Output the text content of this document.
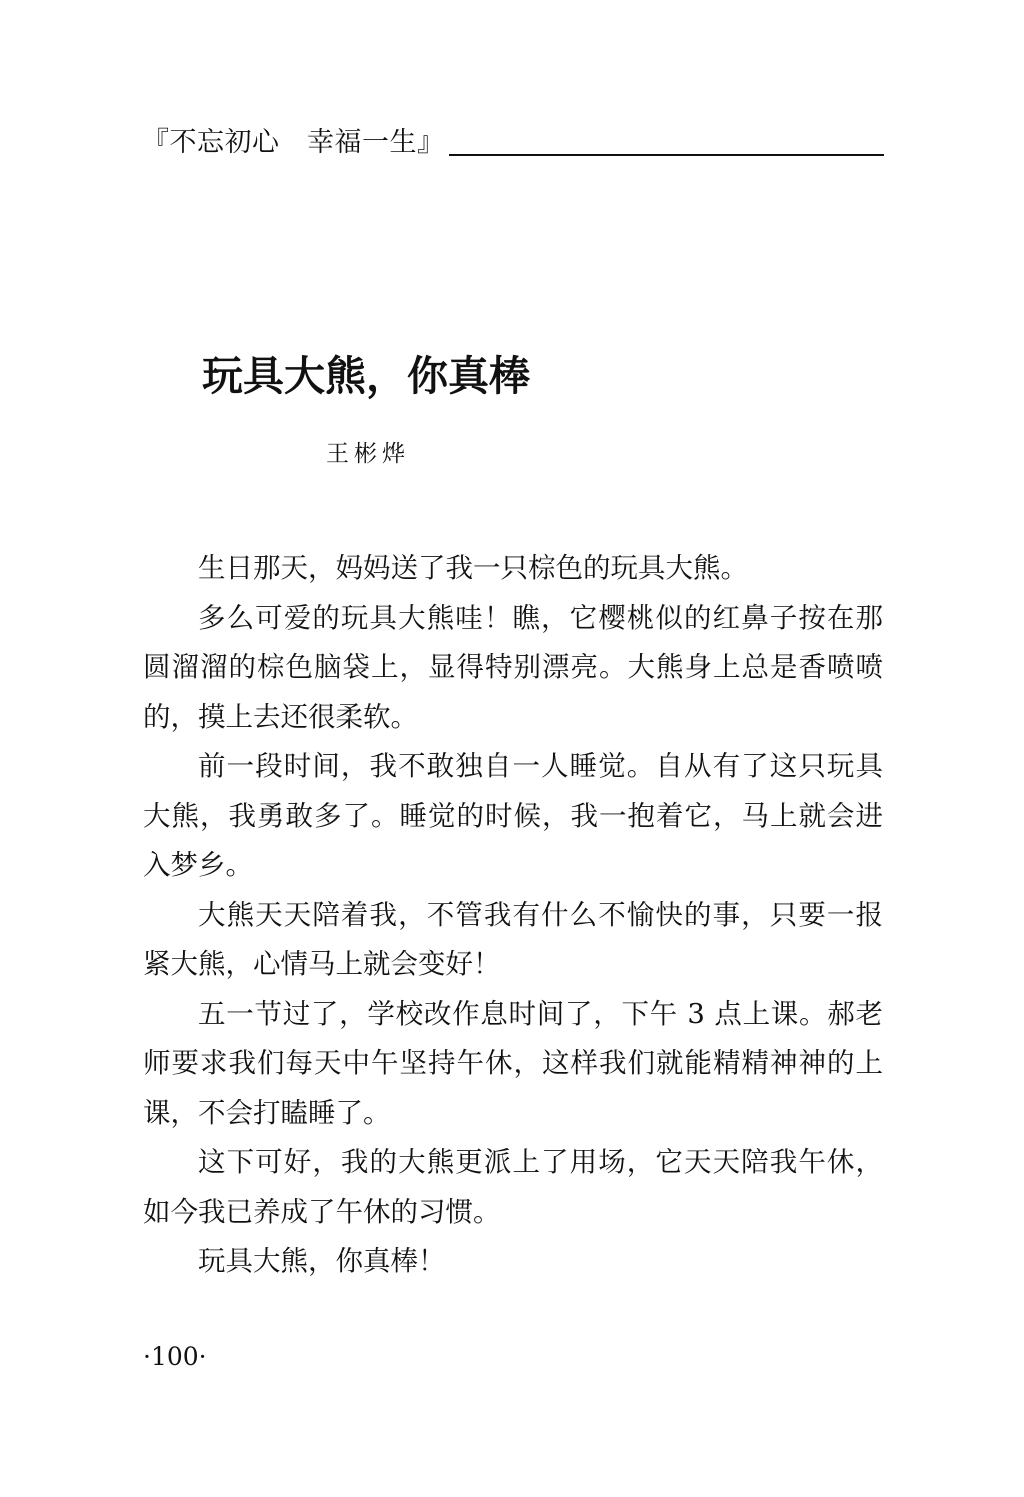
『不忘初心　幸福一生』
玩具大熊，你真棒
王彬烨

生日那天，妈妈送了我一只棕色的玩具大熊。

多么可爱的玩具大熊哇！瞧，它樱桃似的红鼻子按在那圆溜溜的棕色脑袋上，显得特别漂亮。大熊身上总是香喷喷的，摸上去还很柔软。

前一段时间，我不敢独自一人睡觉。自从有了这只玩具大熊，我勇敢多了。睡觉的时候，我一抱着它，马上就会进入梦乡。

大熊天天陪着我，不管我有什么不愉快的事，只要一报紧大熊，心情马上就会变好！

五一节过了，学校改作息时间了，下午 3 点上课。郝老师要求我们每天中午坚持午休，这样我们就能精精神神的上课，不会打瞌睡了。

这下可好，我的大熊更派上了用场，它天天陪我午休，如今我已养成了午休的习惯。

玩具大熊，你真棒！

·100·
